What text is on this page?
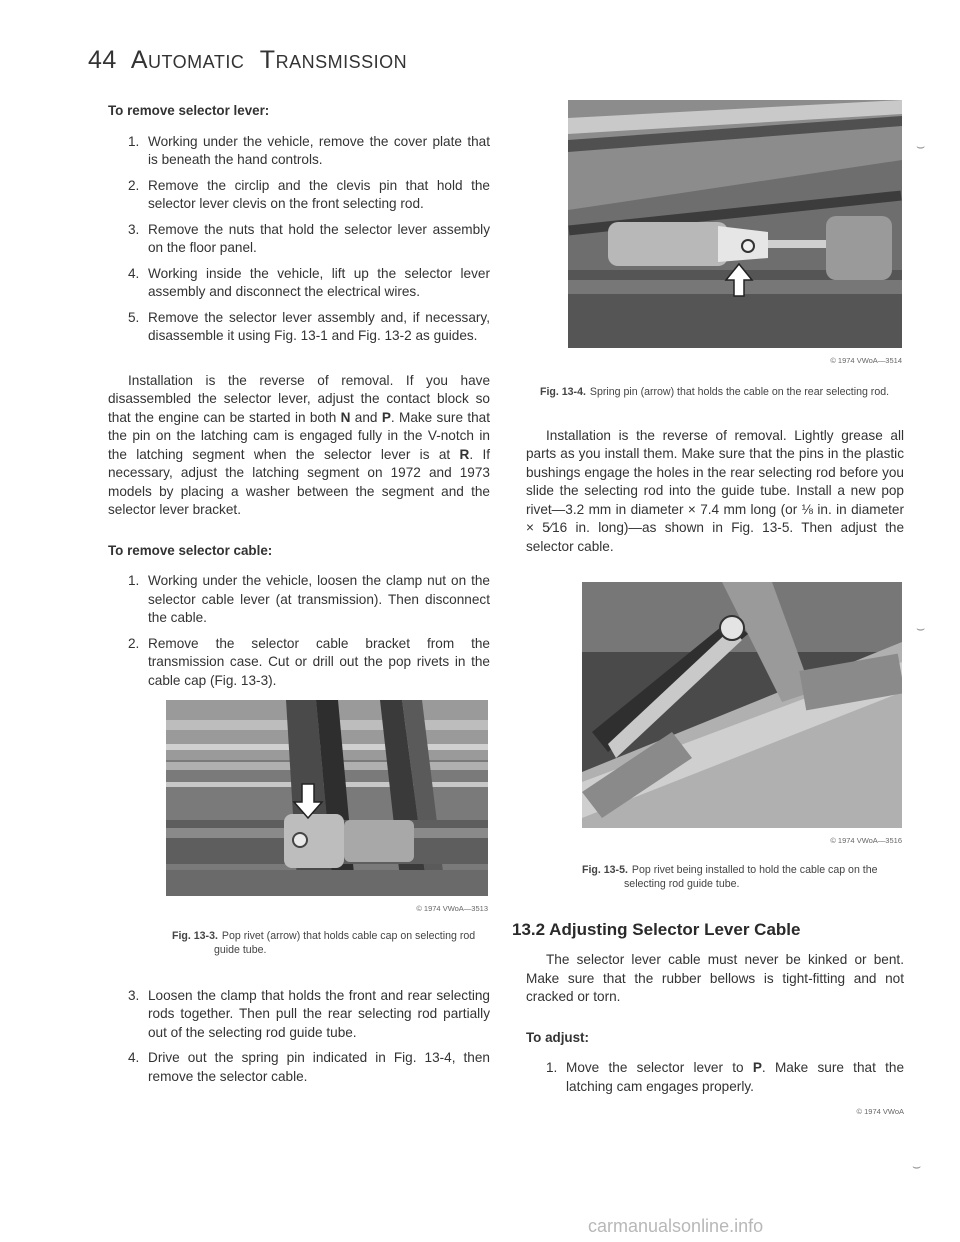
44 AUTOMATIC TRANSMISSION
To remove selector lever:
1. Working under the vehicle, remove the cover plate that is beneath the hand controls.
2. Remove the circlip and the clevis pin that hold the selector lever clevis on the front selecting rod.
3. Remove the nuts that hold the selector lever assembly on the floor panel.
4. Working inside the vehicle, lift up the selector lever assembly and disconnect the electrical wires.
5. Remove the selector lever assembly and, if necessary, disassemble it using Fig. 13-1 and Fig. 13-2 as guides.

Installation is the reverse of removal. If you have disassembled the selector lever, adjust the contact block so that the engine can be started in both N and P. Make sure that the pin on the latching cam is engaged fully in the V-notch in the latching segment when the selector lever is at R. If necessary, adjust the latching segment on 1972 and 1973 models by placing a washer between the segment and the selector lever bracket.

To remove selector cable:
1. Working under the vehicle, loosen the clamp nut on the selector cable lever (at transmission). Then disconnect the cable.
2. Remove the selector cable bracket from the transmission case. Cut or drill out the pop rivets in the cable cap (Fig. 13-3).
© 1974 VWoA—3513
Fig. 13-3. Pop rivet (arrow) that holds cable cap on selecting rod guide tube.
3. Loosen the clamp that holds the front and rear selecting rods together. Then pull the rear selecting rod partially out of the selecting rod guide tube.
4. Drive out the spring pin indicated in Fig. 13-4, then remove the selector cable.
© 1974 VWoA—3514
Fig. 13-4. Spring pin (arrow) that holds the cable on the rear selecting rod.

Installation is the reverse of removal. Lightly grease all parts as you install them. Make sure that the pins in the plastic bushings engage the holes in the rear selecting rod before you slide the selecting rod into the guide tube. Install a new pop rivet—3.2 mm in diameter × 7.4 mm long (or ⅛ in. in diameter × 5⁄16 in. long)—as shown in Fig. 13-5. Then adjust the selector cable.

© 1974 VWoA—3516
Fig. 13-5. Pop rivet being installed to hold the cable cap on the selecting rod guide tube.
13.2 Adjusting Selector Lever Cable

The selector lever cable must never be kinked or bent. Make sure that the rubber bellows is tight-fitting and not cracked or torn.

To adjust:
1. Move the selector lever to P. Make sure that the latching cam engages properly.
© 1974 VWoA
⌣
⌣
⌣
carmanualsonline.info
